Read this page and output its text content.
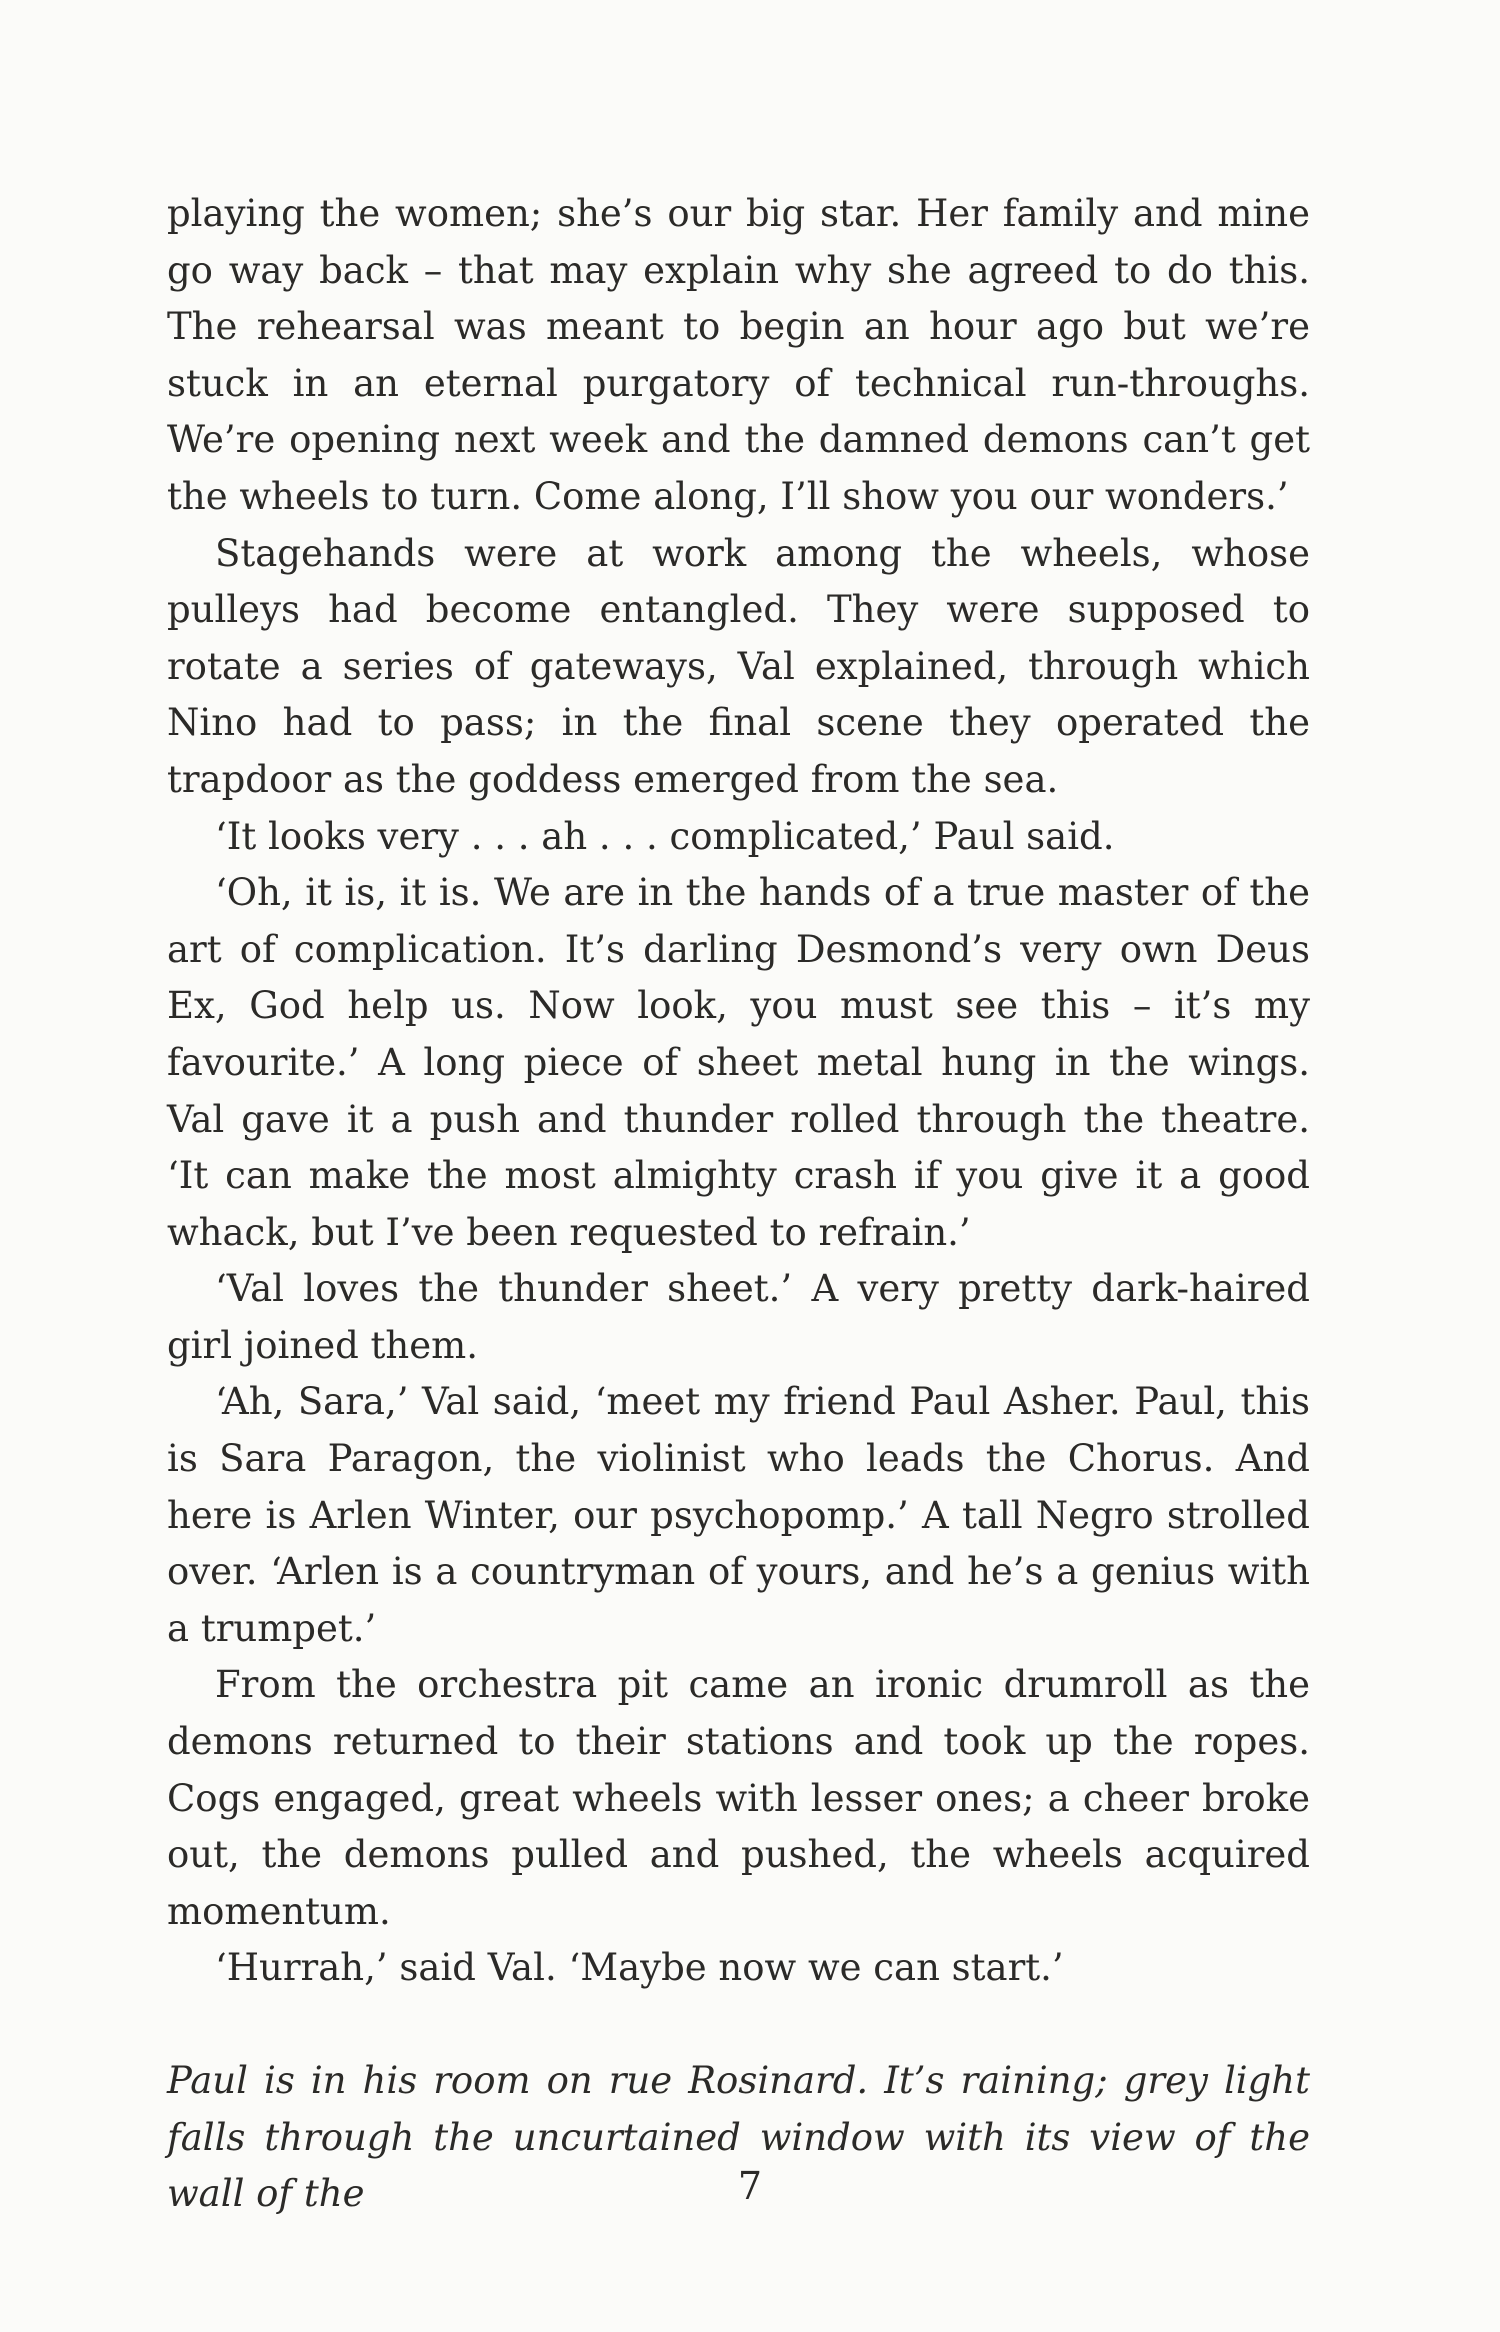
playing the women; she’s our big star. Her family and mine go way back – that may explain why she agreed to do this. The rehearsal was meant to begin an hour ago but we’re stuck in an eternal purgatory of technical run-throughs. We’re opening next week and the damned demons can’t get the wheels to turn. Come along, I’ll show you our wonders.’

Stagehands were at work among the wheels, whose pulleys had become entangled. They were supposed to rotate a series of gateways, Val explained, through which Nino had to pass; in the final scene they operated the trapdoor as the goddess emerged from the sea.

‘It looks very . . . ah . . . complicated,’ Paul said.

‘Oh, it is, it is. We are in the hands of a true master of the art of complication. It’s darling Desmond’s very own Deus Ex, God help us. Now look, you must see this – it’s my favourite.’ A long piece of sheet metal hung in the wings. Val gave it a push and thunder rolled through the theatre. ‘It can make the most almighty crash if you give it a good whack, but I’ve been requested to refrain.’

‘Val loves the thunder sheet.’ A very pretty dark-haired girl joined them.

‘Ah, Sara,’ Val said, ‘meet my friend Paul Asher. Paul, this is Sara Paragon, the violinist who leads the Chorus. And here is Arlen Winter, our psychopomp.’ A tall Negro strolled over. ‘Arlen is a countryman of yours, and he’s a genius with a trumpet.’

From the orchestra pit came an ironic drumroll as the demons returned to their stations and took up the ropes. Cogs engaged, great wheels with lesser ones; a cheer broke out, the demons pulled and pushed, the wheels acquired momentum.

‘Hurrah,’ said Val. ‘Maybe now we can start.’

Paul is in his room on rue Rosinard. It’s raining; grey light falls through the uncurtained window with its view of the wall of the	7
